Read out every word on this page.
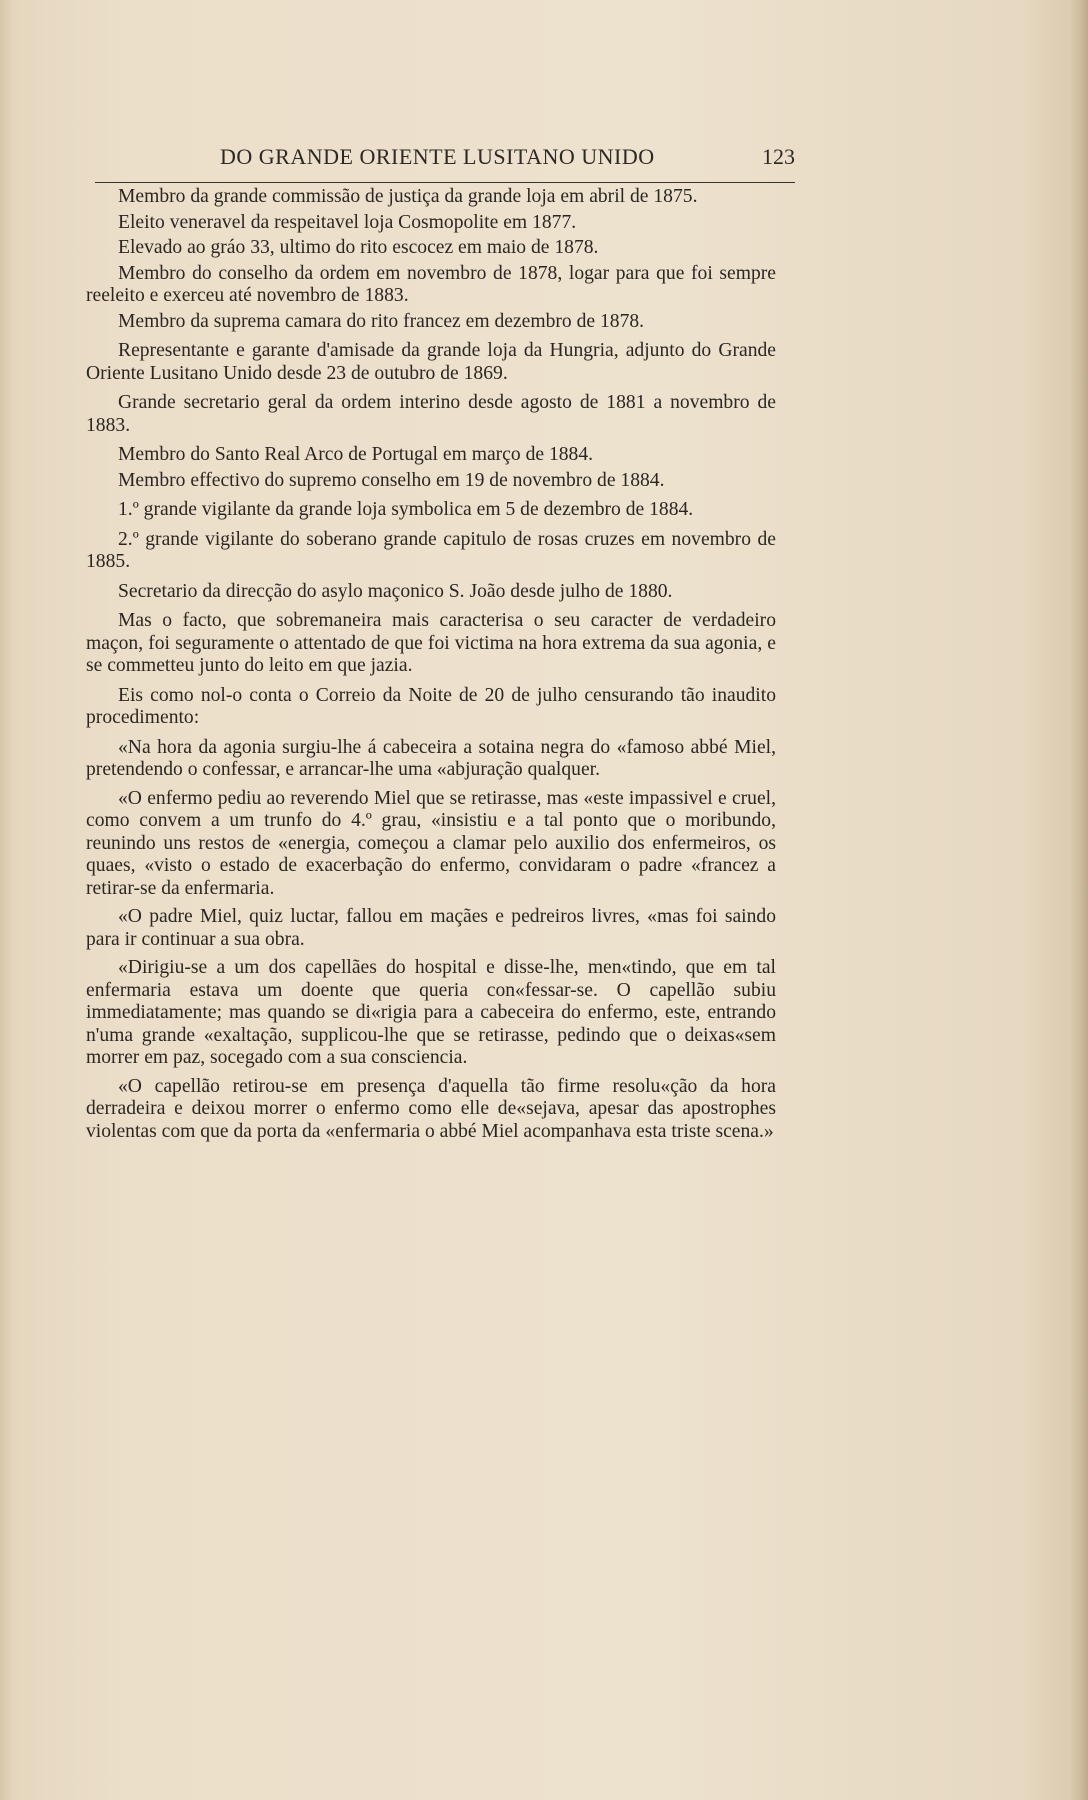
DO GRANDE ORIENTE LUSITANO UNIDO	123

Membro da grande commissão de justiça da grande loja em abril de 1875.

Eleito veneravel da respeitavel loja Cosmopolite em 1877.

Elevado ao gráo 33, ultimo do rito escocez em maio de 1878.

Membro do conselho da ordem em novembro de 1878, logar para que foi sempre reeleito e exerceu até novembro de 1883.

Membro da suprema camara do rito francez em dezembro de 1878.

Representante e garante d'amisade da grande loja da Hungria, adjunto do Grande Oriente Lusitano Unido desde 23 de outubro de 1869.

Grande secretario geral da ordem interino desde agosto de 1881 a novembro de 1883.

Membro do Santo Real Arco de Portugal em março de 1884.

Membro effectivo do supremo conselho em 19 de novembro de 1884.

1.º grande vigilante da grande loja symbolica em 5 de dezembro de 1884.

2.º grande vigilante do soberano grande capitulo de rosas cruzes em novembro de 1885.

Secretario da direcção do asylo maçonico S. João desde julho de 1880.

Mas o facto, que sobremaneira mais caracterisa o seu caracter de verdadeiro maçon, foi seguramente o attentado de que foi victima na hora extrema da sua agonia, e se commetteu junto do leito em que jazia.

Eis como nol-o conta o Correio da Noite de 20 de julho censurando tão inaudito procedimento:

«Na hora da agonia surgiu-lhe á cabeceira a sotaina negra do «famoso abbé Miel, pretendendo o confessar, e arrancar-lhe uma «abjuração qualquer.

«O enfermo pediu ao reverendo Miel que se retirasse, mas «este impassivel e cruel, como convem a um trunfo do 4.º grau, «insistiu e a tal ponto que o moribundo, reunindo uns restos de «energia, começou a clamar pelo auxilio dos enfermeiros, os quaes, «visto o estado de exacerbação do enfermo, convidaram o padre «francez a retirar-se da enfermaria.

«O padre Miel, quiz luctar, fallou em maçães e pedreiros livres, «mas foi saindo para ir continuar a sua obra.

«Dirigiu-se a um dos capellães do hospital e disse-lhe, men«tindo, que em tal enfermaria estava um doente que queria con«fessar-se. O capellão subiu immediatamente; mas quando se di«rigia para a cabeceira do enfermo, este, entrando n'uma grande «exaltação, supplicou-lhe que se retirasse, pedindo que o deixas«sem morrer em paz, socegado com a sua consciencia.

«O capellão retirou-se em presença d'aquella tão firme resolu«ção da hora derradeira e deixou morrer o enfermo como elle de«sejava, apesar das apostrophes violentas com que da porta da «enfermaria o abbé Miel acompanhava esta triste scena.»
